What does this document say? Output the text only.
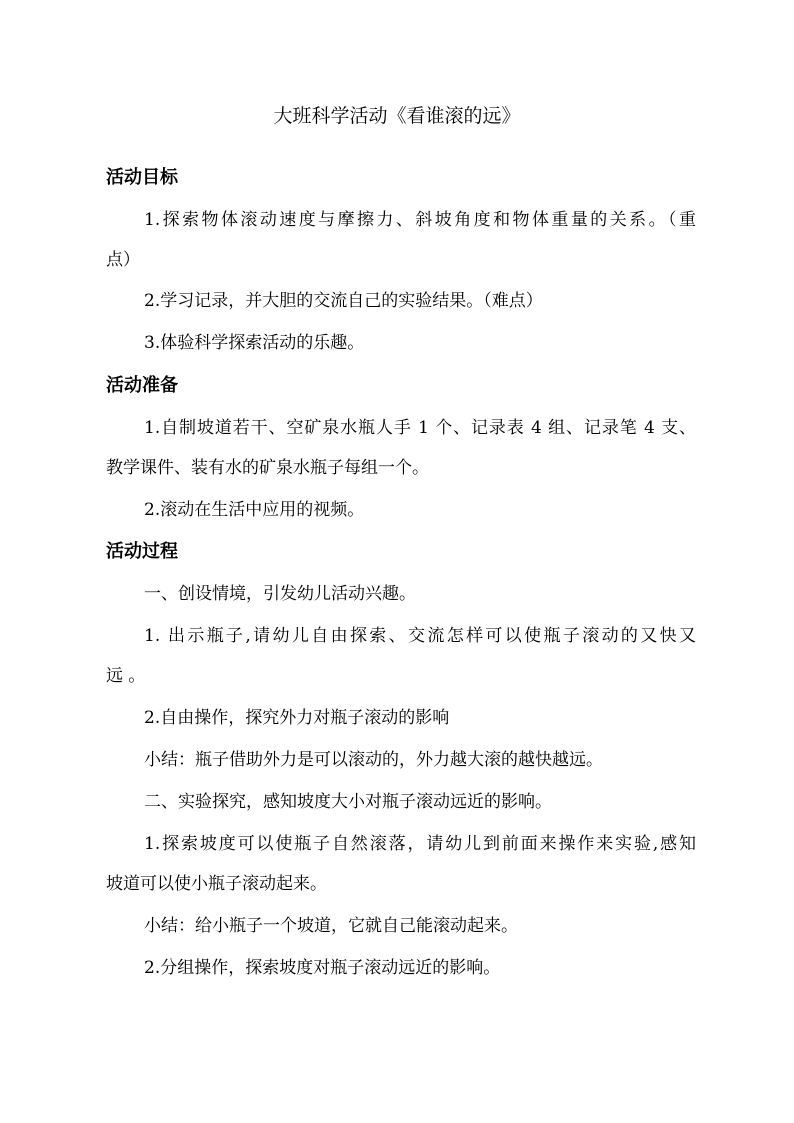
大班科学活动《看谁滚的远》
活动目标

1.探索物体滚动速度与摩擦力、斜坡角度和物体重量的关系。（重

点）

2.学习记录，并大胆的交流自己的实验结果。（难点）

3.体验科学探索活动的乐趣。

活动准备

1.自制坡道若干、空矿泉水瓶人手 1 个、记录表 4 组、记录笔 4 支、

教学课件、装有水的矿泉水瓶子每组一个。

2.滚动在生活中应用的视频。

活动过程

一、创设情境，引发幼儿活动兴趣。

1. 出示瓶子,请幼儿自由探索、交流怎样可以使瓶子滚动的又快又

远 。

2.自由操作，探究外力对瓶子滚动的影响

小结：瓶子借助外力是可以滚动的，外力越大滚的越快越远。

二、实验探究，感知坡度大小对瓶子滚动远近的影响。

1.探索坡度可以使瓶子自然滚落，请幼儿到前面来操作来实验,感知

坡道可以使小瓶子滚动起来。

小结：给小瓶子一个坡道，它就自己能滚动起来。

2.分组操作，探索坡度对瓶子滚动远近的影响。
